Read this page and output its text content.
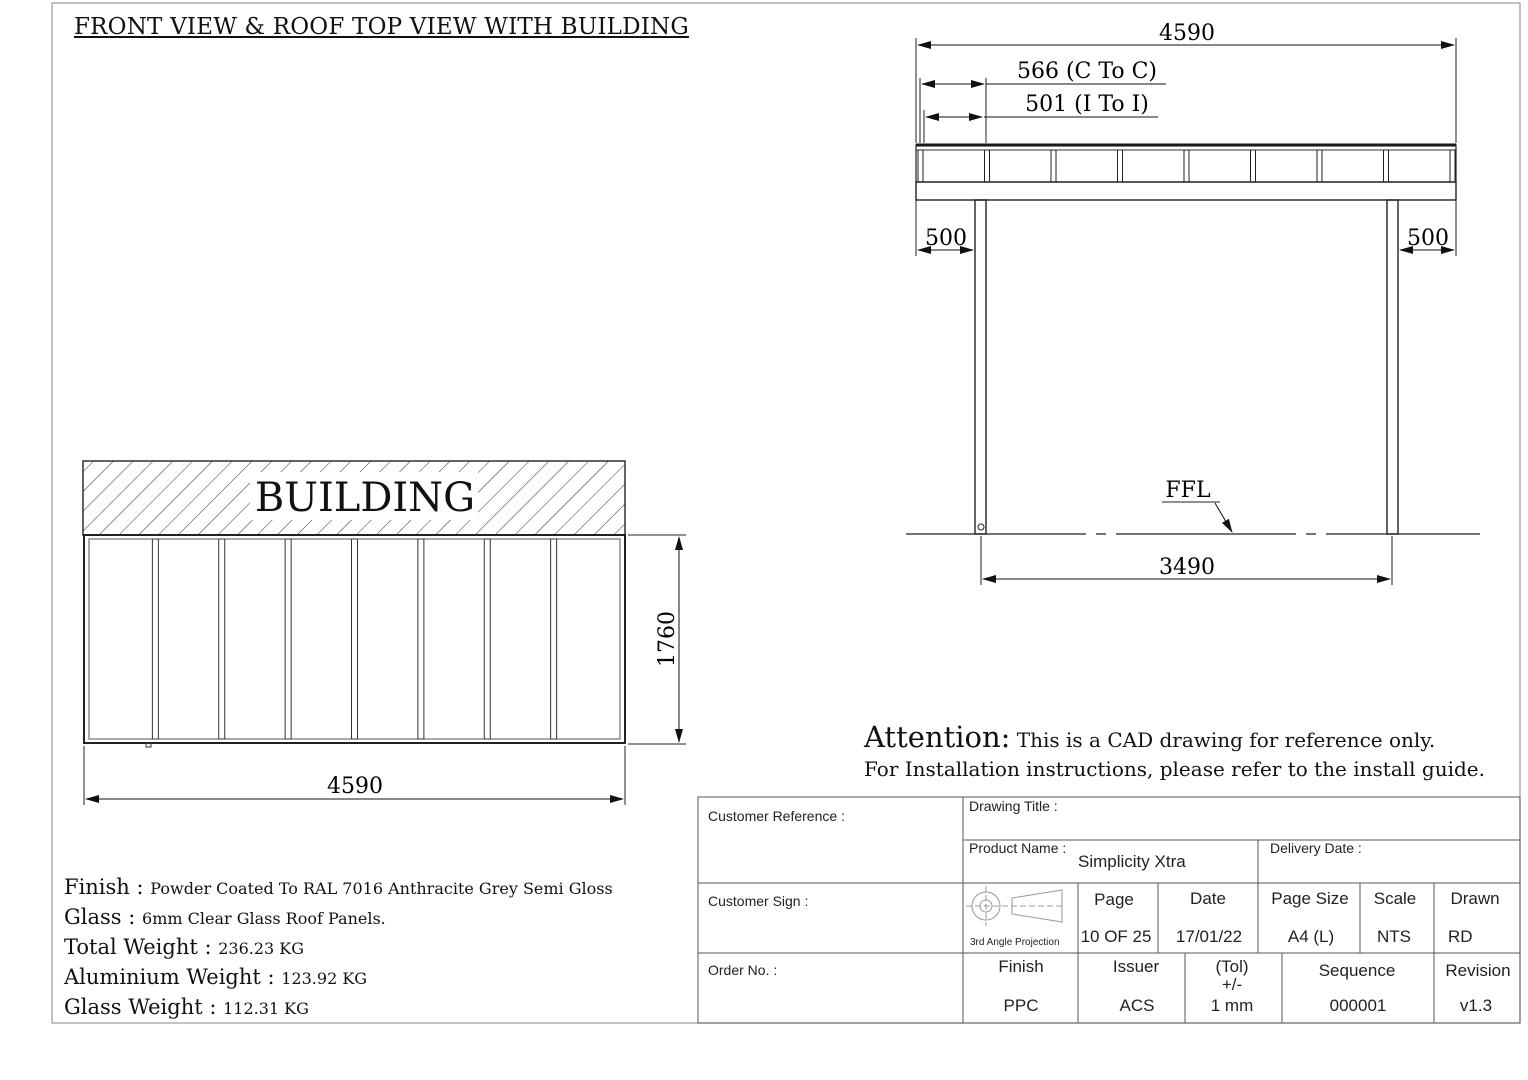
BUILDING
4590
1760
FFL
4590
566 (C To C)
501 (I To I)
500	500
3490
FRONT VIEW & ROOF TOP VIEW WITH BUILDING
Attention: This is a CAD drawing for reference only.
For Installation instructions, please refer to the install guide.
Finish : Powder Coated To RAL 7016 Anthracite Grey Semi Gloss
Glass : 6mm Clear Glass Roof Panels.
Total Weight : 236.23 KG
Aluminium Weight : 123.92 KG
Glass Weight : 112.31 KG
Customer Reference :
Customer Sign :
Order No. :
Drawing Title :
Product Name :
Simplicity Xtra
Delivery Date :
3rd Angle Projection
Page
10 OF 25
Date
17/01/22
Page Size
A4 (L)
Scale
NTS
Drawn
RD
Finish
PPC
Issuer
ACS
(Tol)
+/-
1 mm
Sequence
000001
Revision
v1.3
